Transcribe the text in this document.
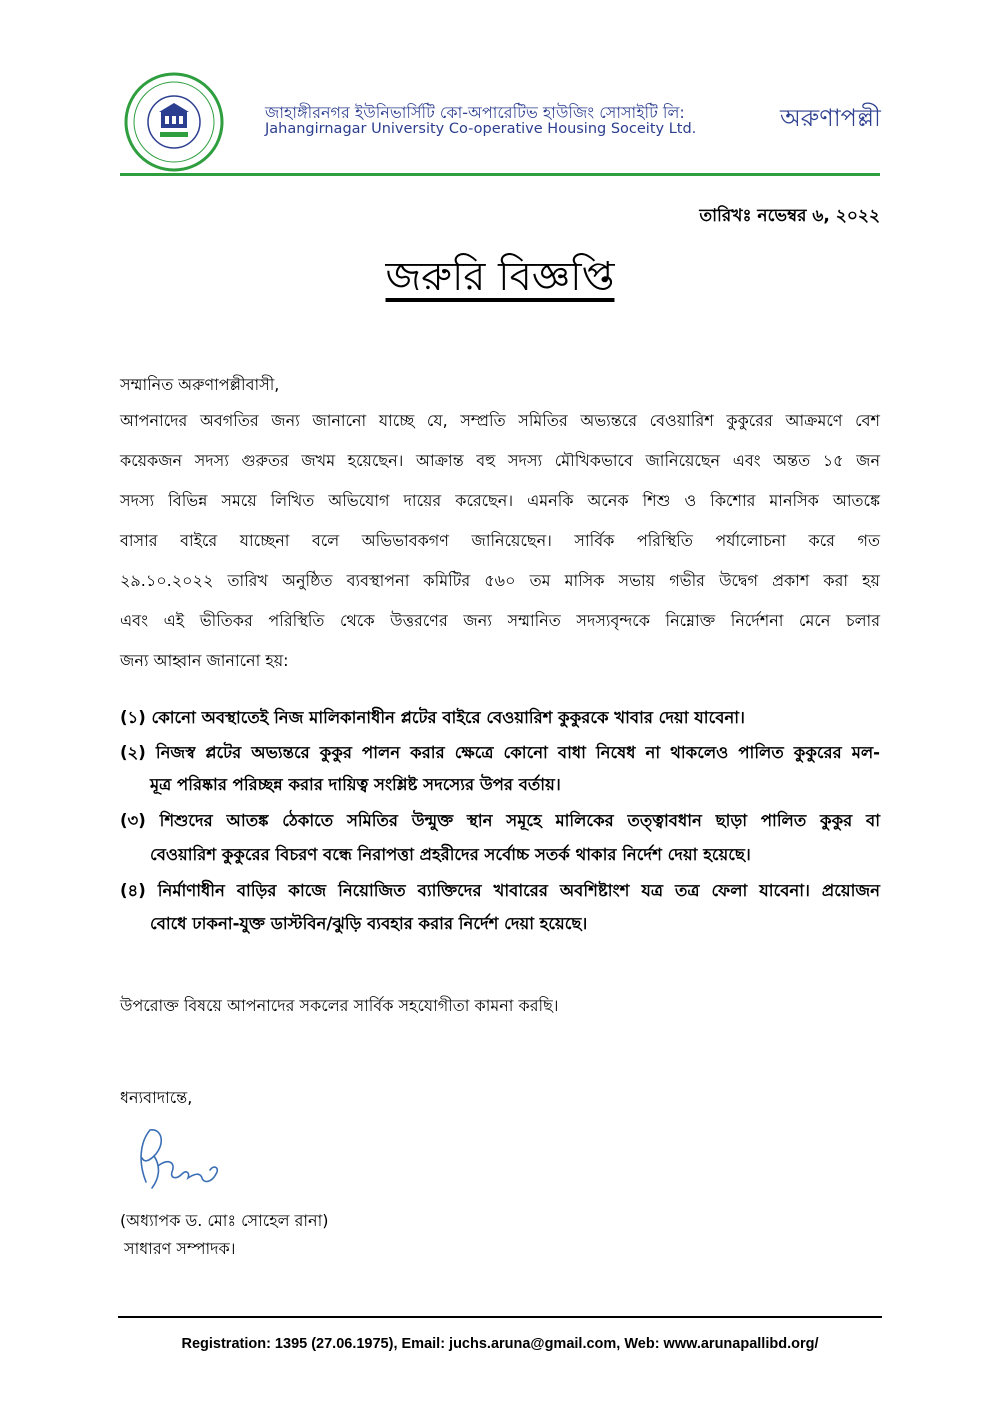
জাহাঙ্গীরনগর ইউনিভার্সিটি কো-অপারেটিভ হাউজিং সোসাইটি লি:
Jahangirnagar University Co-operative Housing Soceity Ltd.	অরুণাপল্লী
তারিখঃ নভেম্বর ৬, ২০২২
জরুরি বিজ্ঞপ্তি
সম্মানিত অরুণাপল্লীবাসী,
আপনাদের অবগতির জন্য জানানো যাচ্ছে যে, সম্প্রতি সমিতির অভ্যন্তরে বেওয়ারিশ কুকুরের আক্রমণে বেশ
কয়েকজন সদস্য গুরুতর জখম হয়েছেন। আক্রান্ত বহু সদস্য মৌখিকভাবে জানিয়েছেন এবং অন্তত ১৫ জন
সদস্য বিভিন্ন সময়ে লিখিত অভিযোগ দায়ের করেছেন। এমনকি অনেক শিশু ও কিশোর মানসিক আতঙ্কে
বাসার বাইরে যাচ্ছেনা বলে অভিভাবকগণ জানিয়েছেন। সার্বিক পরিস্থিতি পর্যালোচনা করে গত
২৯.১০.২০২২ তারিখ অনুষ্ঠিত ব্যবস্থাপনা কমিটির ৫৬০ তম মাসিক সভায় গভীর উদ্বেগ প্রকাশ করা হয়
এবং এই ভীতিকর পরিস্থিতি থেকে উত্তরণের জন্য সম্মানিত সদস্যবৃন্দকে নিম্নোক্ত নির্দেশনা মেনে চলার
জন্য আহ্বান জানানো হয়:
(১) কোনো অবস্থাতেই নিজ মালিকানাধীন প্লটের বাইরে বেওয়ারিশ কুকুরকে খাবার দেয়া যাবেনা।
(২) নিজস্ব প্লটের অভ্যন্তরে কুকুর পালন করার ক্ষেত্রে কোনো বাধা নিষেধ না থাকলেও পালিত কুকুরের মল-
মূত্র পরিষ্কার পরিচ্ছন্ন করার দায়িত্ব সংশ্লিষ্ট সদস্যের উপর বর্তায়।
(৩) শিশুদের আতঙ্ক ঠেকাতে সমিতির উন্মুক্ত স্থান সমূহে মালিকের তত্ত্বাবধান ছাড়া পালিত কুকুর বা
বেওয়ারিশ কুকুরের বিচরণ বন্ধে নিরাপত্তা প্রহরীদের সর্বোচ্চ সতর্ক থাকার নির্দেশ দেয়া হয়েছে।
(৪) নির্মাণাধীন বাড়ির কাজে নিয়োজিত ব্যাক্তিদের খাবারের অবশিষ্টাংশ যত্র তত্র ফেলা যাবেনা। প্রয়োজন
বোধে ঢাকনা-যুক্ত ডাস্টবিন/ঝুড়ি ব্যবহার করার নির্দেশ দেয়া হয়েছে।
উপরোক্ত বিষয়ে আপনাদের সকলের সার্বিক সহযোগীতা কামনা করছি।
ধন্যবাদান্তে,
(অধ্যাপক ড. মোঃ সোহেল রানা)
সাধারণ সম্পাদক।
Registration: 1395 (27.06.1975), Email: juchs.aruna@gmail.com, Web: www.arunapallibd.org/
